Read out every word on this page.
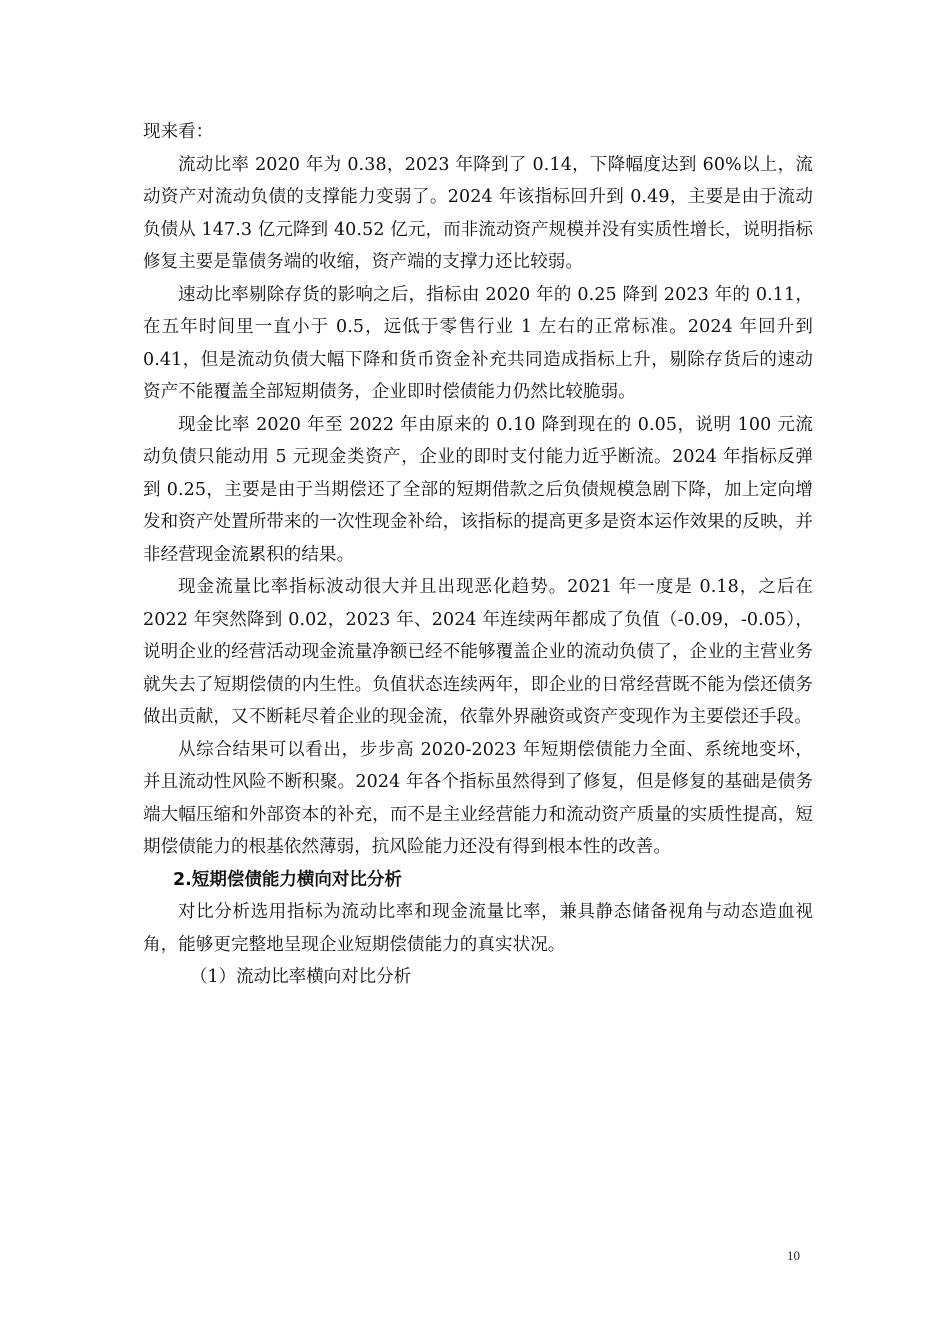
现来看：

流动比率 2020 年为 0.38，2023 年降到了 0.14，下降幅度达到 60%以上，流动资产对流动负债的支撑能力变弱了。2024 年该指标回升到 0.49，主要是由于流动负债从 147.3 亿元降到 40.52 亿元，而非流动资产规模并没有实质性增长，说明指标修复主要是靠债务端的收缩，资产端的支撑力还比较弱。

速动比率剔除存货的影响之后，指标由 2020 年的 0.25 降到 2023 年的 0.11，在五年时间里一直小于 0.5，远低于零售行业 1 左右的正常标准。2024 年回升到 0.41，但是流动负债大幅下降和货币资金补充共同造成指标上升，剔除存货后的速动资产不能覆盖全部短期债务，企业即时偿债能力仍然比较脆弱。

现金比率 2020 年至 2022 年由原来的 0.10 降到现在的 0.05，说明 100 元流动负债只能动用 5 元现金类资产，企业的即时支付能力近乎断流。2024 年指标反弹到 0.25，主要是由于当期偿还了全部的短期借款之后负债规模急剧下降，加上定向增发和资产处置所带来的一次性现金补给，该指标的提高更多是资本运作效果的反映，并非经营现金流累积的结果。

现金流量比率指标波动很大并且出现恶化趋势。2021 年一度是 0.18，之后在 2022 年突然降到 0.02，2023 年、2024 年连续两年都成了负值（-0.09，-0.05），说明企业的经营活动现金流量净额已经不能够覆盖企业的流动负债了，企业的主营业务就失去了短期偿债的内生性。负值状态连续两年，即企业的日常经营既不能为偿还债务做出贡献，又不断耗尽着企业的现金流，依靠外界融资或资产变现作为主要偿还手段。

从综合结果可以看出，步步高 2020-2023 年短期偿债能力全面、系统地变坏，并且流动性风险不断积聚。2024 年各个指标虽然得到了修复，但是修复的基础是债务端大幅压缩和外部资本的补充，而不是主业经营能力和流动资产质量的实质性提高，短期偿债能力的根基依然薄弱，抗风险能力还没有得到根本性的改善。

2.短期偿债能力横向对比分析

对比分析选用指标为流动比率和现金流量比率，兼具静态储备视角与动态造血视角，能够更完整地呈现企业短期偿债能力的真实状况。

（1）流动比率横向对比分析

10
